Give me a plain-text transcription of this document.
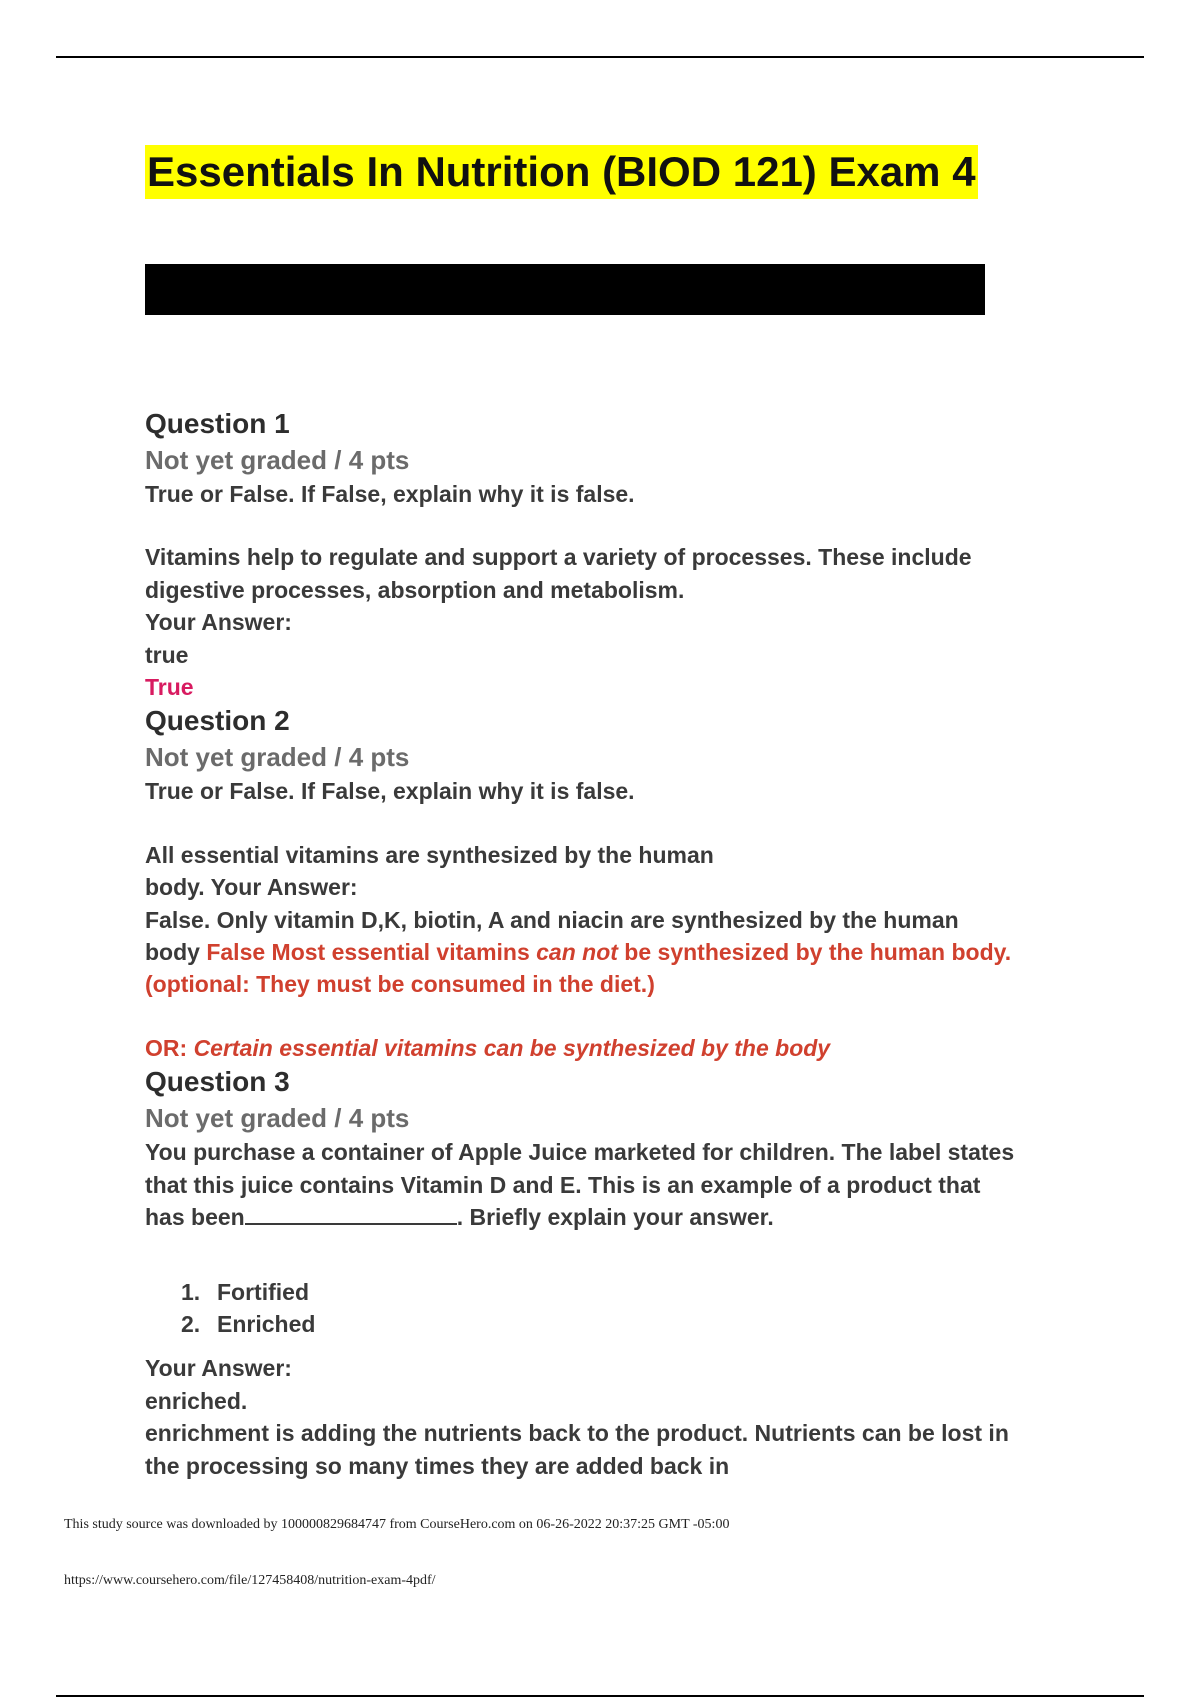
Essentials In Nutrition (BIOD 121) Exam 4
Question 1

Not yet graded / 4 pts

True or False. If False, explain why it is false.

Vitamins help to regulate and support a variety of processes. These include

digestive processes, absorption and metabolism.

Your Answer:

true

True

Question 2

Not yet graded / 4 pts

True or False. If False, explain why it is false.

All essential vitamins are synthesized by the human

body. Your Answer:

False. Only vitamin D,K, biotin, A and niacin are synthesized by the human

body False Most essential vitamins can not be synthesized by the human body.

(optional: They must be consumed in the diet.)

OR: Certain essential vitamins can be synthesized by the body

Question 3

Not yet graded / 4 pts

You purchase a container of Apple Juice marketed for children. The label states

that this juice contains Vitamin D and E. This is an example of a product that

has been	. Briefly explain your answer.

1. Fortified
2. Enriched

Your Answer:

enriched.

enrichment is adding the nutrients back to the product. Nutrients can be lost in

the processing so many times they are added back in

This study source was downloaded by 100000829684747 from CourseHero.com on 06-26-2022 20:37:25 GMT -05:00
https://www.coursehero.com/file/127458408/nutrition-exam-4pdf/
